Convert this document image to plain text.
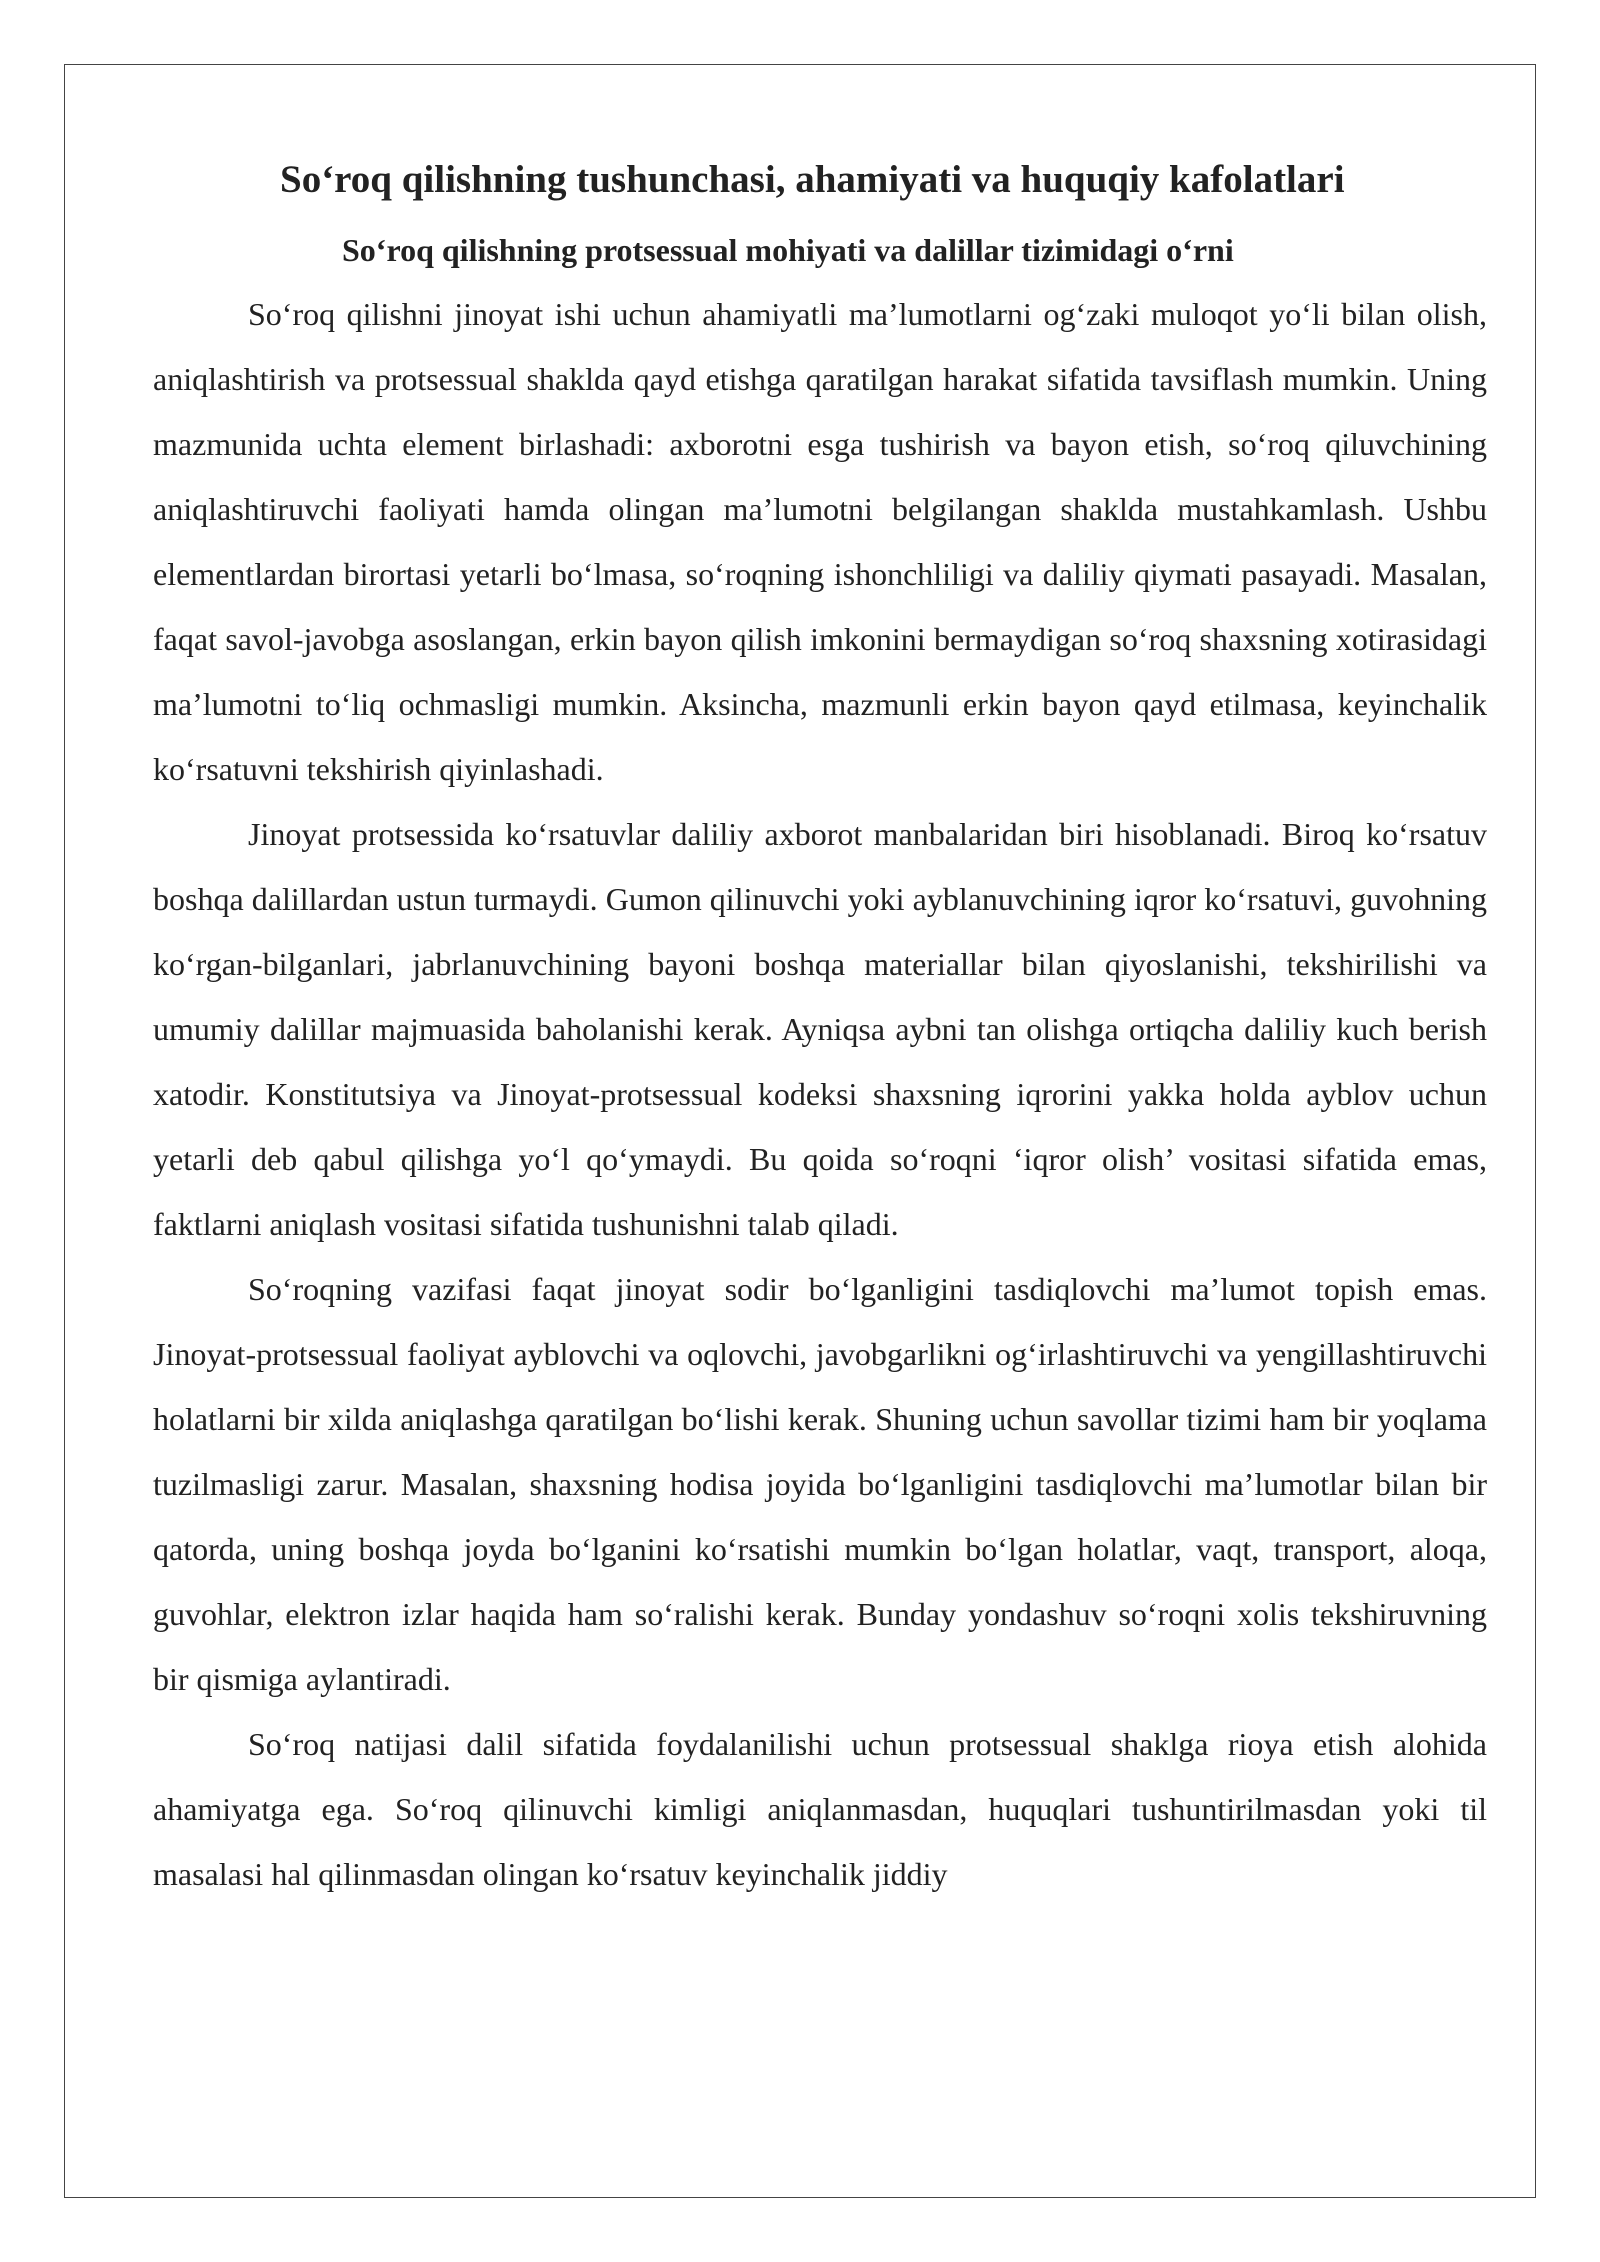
So‘roq qilishning tushunchasi, ahamiyati va huquqiy kafolatlari
So‘roq qilishning protsessual mohiyati va dalillar tizimidagi o‘rni

So‘roq qilishni jinoyat ishi uchun ahamiyatli ma’lumotlarni og‘zaki muloqot yo‘li bilan olish, aniqlashtirish va protsessual shaklda qayd etishga qaratilgan harakat sifatida tavsiflash mumkin. Uning mazmunida uchta element birlashadi: axborotni esga tushirish va bayon etish, so‘roq qiluvchining aniqlashtiruvchi faoliyati hamda olingan ma’lumotni belgilangan shaklda mustahkamlash. Ushbu elementlardan birortasi yetarli bo‘lmasa, so‘roqning ishonchliligi va daliliy qiymati pasayadi. Masalan, faqat savol-javobga asoslangan, erkin bayon qilish imkonini bermaydigan so‘roq shaxsning xotirasidagi ma’lumotni to‘liq ochmasligi mumkin. Aksincha, mazmunli erkin bayon qayd etilmasa, keyinchalik ko‘rsatuvni tekshirish qiyinlashadi.

Jinoyat protsessida ko‘rsatuvlar daliliy axborot manbalaridan biri hisoblanadi. Biroq ko‘rsatuv boshqa dalillardan ustun turmaydi. Gumon qilinuvchi yoki ayblanuvchining iqror ko‘rsatuvi, guvohning ko‘rgan-bilganlari, jabrlanuvchining bayoni boshqa materiallar bilan qiyoslanishi, tekshirilishi va umumiy dalillar majmuasida baholanishi kerak. Ayniqsa aybni tan olishga ortiqcha daliliy kuch berish xatodir. Konstitutsiya va Jinoyat-protsessual kodeksi shaxsning iqrorini yakka holda ayblov uchun yetarli deb qabul qilishga yo‘l qo‘ymaydi. Bu qoida so‘roqni ‘iqror olish’ vositasi sifatida emas, faktlarni aniqlash vositasi sifatida tushunishni talab qiladi.

So‘roqning vazifasi faqat jinoyat sodir bo‘lganligini tasdiqlovchi ma’lumot topish emas. Jinoyat-protsessual faoliyat ayblovchi va oqlovchi, javobgarlikni og‘irlashtiruvchi va yengillashtiruvchi holatlarni bir xilda aniqlashga qaratilgan bo‘lishi kerak. Shuning uchun savollar tizimi ham bir yoqlama tuzilmasligi zarur. Masalan, shaxsning hodisa joyida bo‘lganligini tasdiqlovchi ma’lumotlar bilan bir qatorda, uning boshqa joyda bo‘lganini ko‘rsatishi mumkin bo‘lgan holatlar, vaqt, transport, aloqa, guvohlar, elektron izlar haqida ham so‘ralishi kerak. Bunday yondashuv so‘roqni xolis tekshiruvning bir qismiga aylantiradi.

So‘roq natijasi dalil sifatida foydalanilishi uchun protsessual shaklga rioya etish alohida ahamiyatga ega. So‘roq qilinuvchi kimligi aniqlanmasdan, huquqlari tushuntirilmasdan yoki til masalasi hal qilinmasdan olingan ko‘rsatuv keyinchalik jiddiy
